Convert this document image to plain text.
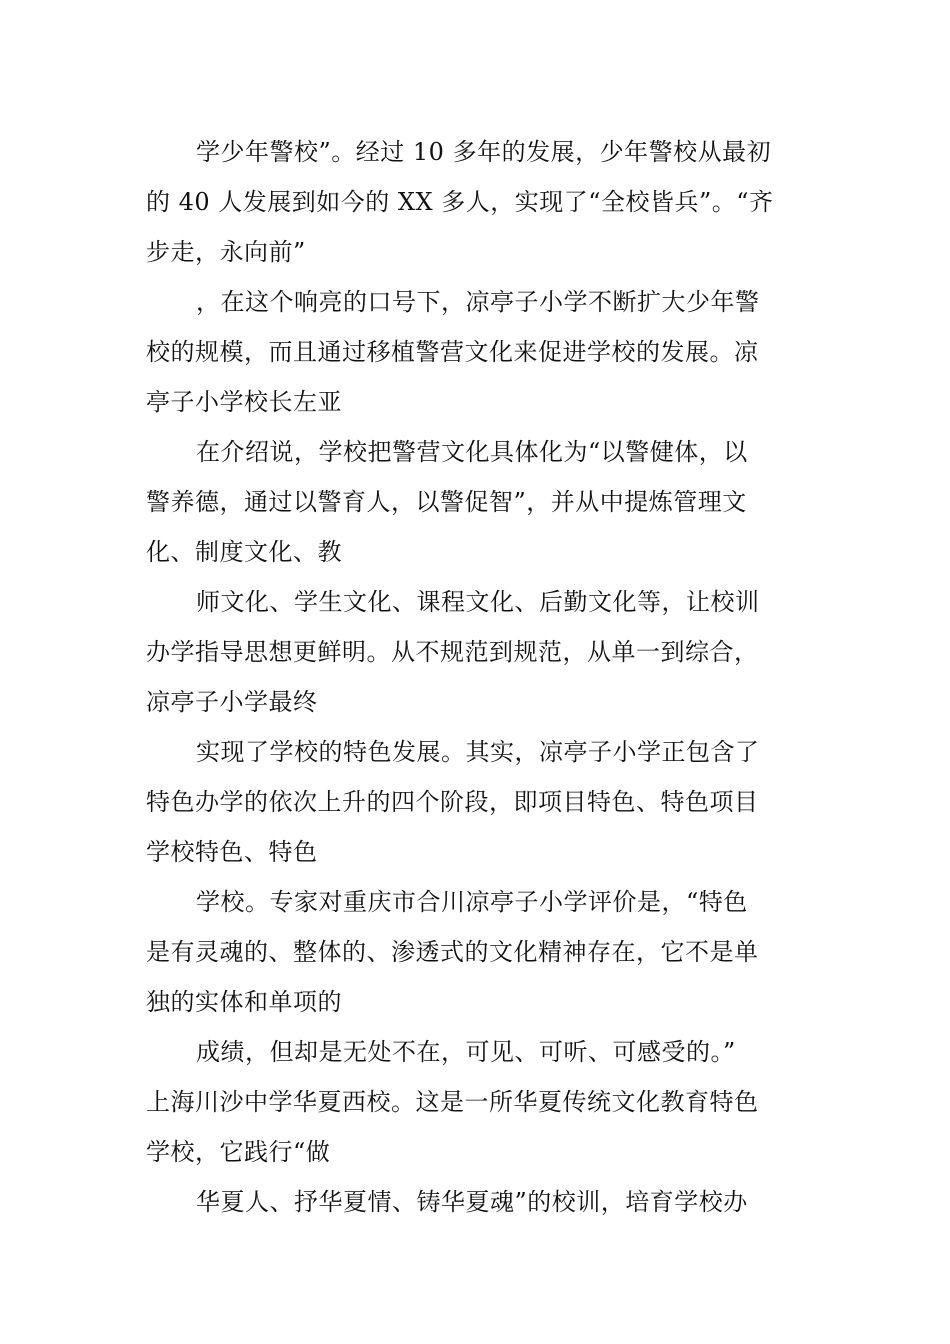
学少年警校”。经过 10 多年的发展，少年警校从最初
的 40 人发展到如今的 XX 多人，实现了“全校皆兵”。“齐
步走，永向前”
，在这个响亮的口号下，凉亭子小学不断扩大少年警
校的规模，而且通过移植警营文化来促进学校的发展。凉
亭子小学校长左亚
在介绍说，学校把警营文化具体化为“以警健体，以
警养德，通过以警育人，以警促智”，并从中提炼管理文
化、制度文化、教
师文化、学生文化、课程文化、后勤文化等，让校训
办学指导思想更鲜明。从不规范到规范，从单一到综合，
凉亭子小学最终
实现了学校的特色发展。其实，凉亭子小学正包含了
特色办学的依次上升的四个阶段，即项目特色、特色项目
学校特色、特色
学校。专家对重庆市合川凉亭子小学评价是，“特色
是有灵魂的、整体的、渗透式的文化精神存在，它不是单
独的实体和单项的
成绩，但却是无处不在，可见、可听、可感受的。”
上海川沙中学华夏西校。这是一所华夏传统文化教育特色
学校，它践行“做
华夏人、抒华夏情、铸华夏魂”的校训，培育学校办
